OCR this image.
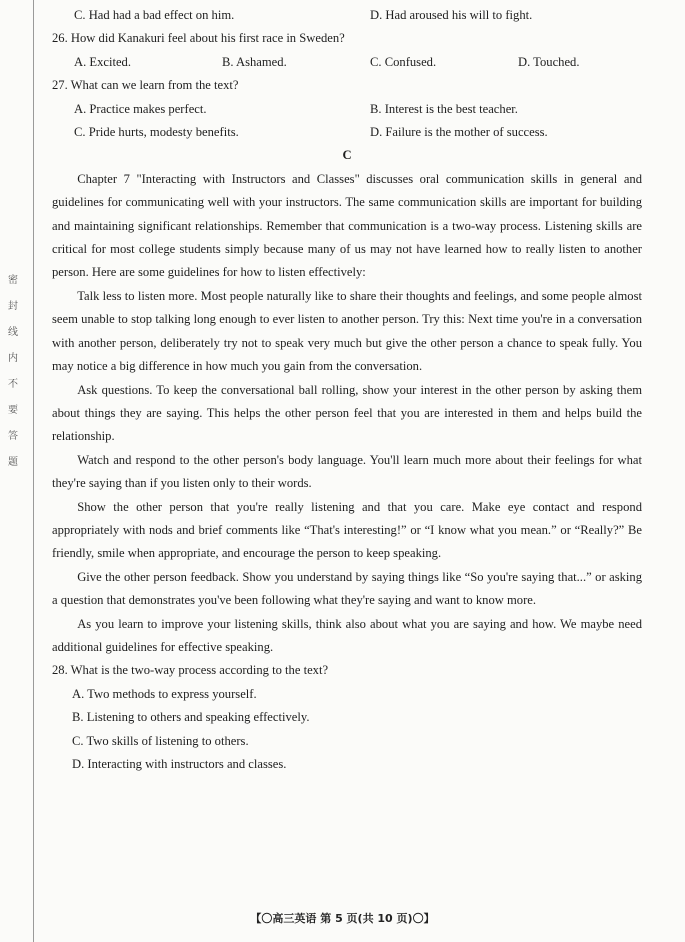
密
封
线
内
不
要
答
题
C. Had had a bad effect on him.	D. Had aroused his will to fight.

26. How did Kanakuri feel about his first race in Sweden?

A. Excited.	B. Ashamed.	C. Confused.	D. Touched.

27. What can we learn from the text?

A. Practice makes perfect.	B. Interest is the best teacher.
C. Pride hurts, modesty benefits.	D. Failure is the mother of success.

C

Chapter 7 "Interacting with Instructors and Classes" discusses oral communication skills in general and guidelines for communicating well with your instructors. The same communication skills are important for building and maintaining significant relationships. Remember that communication is a two-way process. Listening skills are critical for most college students simply because many of us may not have learned how to really listen to another person. Here are some guidelines for how to listen effectively:

Talk less to listen more. Most people naturally like to share their thoughts and feelings, and some people almost seem unable to stop talking long enough to ever listen to another person. Try this: Next time you're in a conversation with another person, deliberately try not to speak very much but give the other person a chance to speak fully. You may notice a big difference in how much you gain from the conversation.

Ask questions. To keep the conversational ball rolling, show your interest in the other person by asking them about things they are saying. This helps the other person feel that you are interested in them and helps build the relationship.

Watch and respond to the other person's body language. You'll learn much more about their feelings for what they're saying than if you listen only to their words.

Show the other person that you're really listening and that you care. Make eye contact and respond appropriately with nods and brief comments like “That's interesting!” or “I know what you mean.” or “Really?” Be friendly, smile when appropriate, and encourage the person to keep speaking.

Give the other person feedback. Show you understand by saying things like “So you're saying that...” or asking a question that demonstrates you've been following what they're saying and want to know more.

As you learn to improve your listening skills, think also about what you are saying and how. We maybe need additional guidelines for effective speaking.

28. What is the two-way process according to the text?

A. Two methods to express yourself.

B. Listening to others and speaking effectively.

C. Two skills of listening to others.

D. Interacting with instructors and classes.

【〇高三英语 第 5 页(共 10 页)〇】
